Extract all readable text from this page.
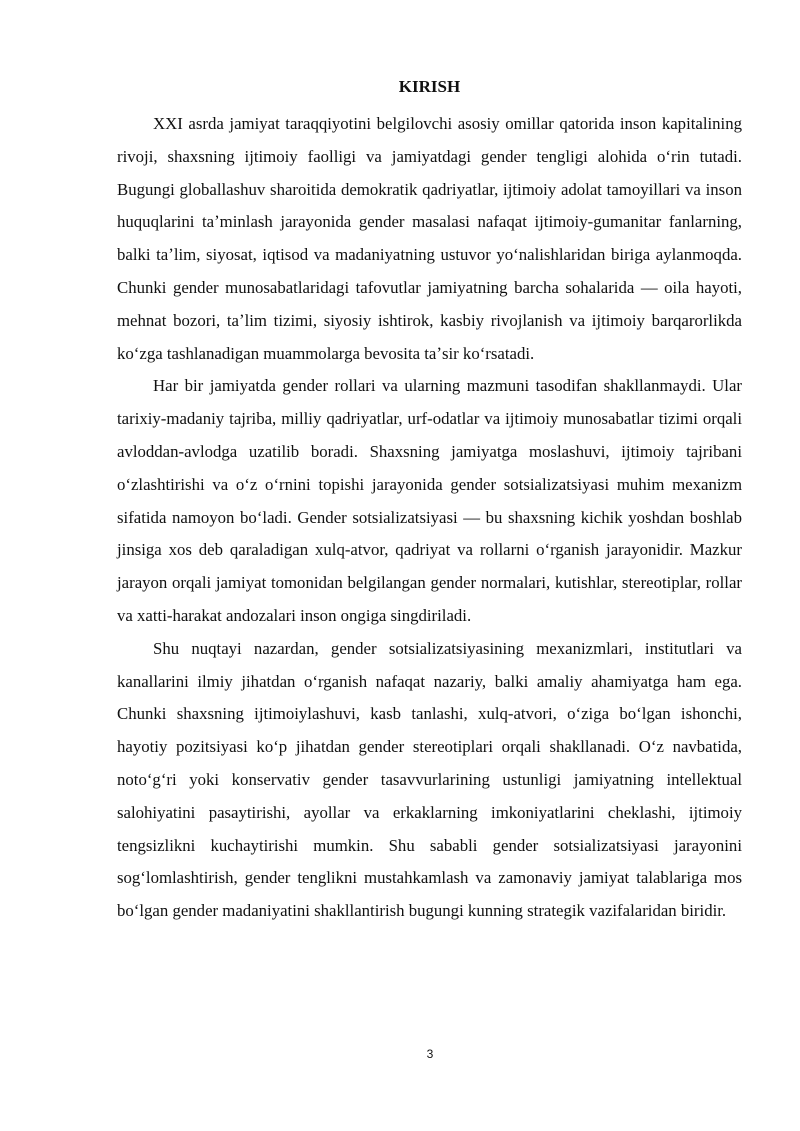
KIRISH

XXI asrda jamiyat taraqqiyotini belgilovchi asosiy omillar qatorida inson kapitalining rivoji, shaxsning ijtimoiy faolligi va jamiyatdagi gender tengligi alohida oʻrin tutadi. Bugungi globallashuv sharoitida demokratik qadriyatlar, ijtimoiy adolat tamoyillari va inson huquqlarini taʼminlash jarayonida gender masalasi nafaqat ijtimoiy-gumanitar fanlarning, balki taʼlim, siyosat, iqtisod va madaniyatning ustuvor yoʻnalishlaridan biriga aylanmoqda. Chunki gender munosabatlaridagi tafovutlar jamiyatning barcha sohalarida — oila hayoti, mehnat bozori, taʼlim tizimi, siyosiy ishtirok, kasbiy rivojlanish va ijtimoiy barqarorlikda koʻzga tashlanadigan muammolarga bevosita taʼsir koʻrsatadi.

Har bir jamiyatda gender rollari va ularning mazmuni tasodifan shakllanmaydi. Ular tarixiy-madaniy tajriba, milliy qadriyatlar, urf-odatlar va ijtimoiy munosabatlar tizimi orqali avloddan-avlodga uzatilib boradi. Shaxsning jamiyatga moslashuvi, ijtimoiy tajribani oʻzlashtirishi va oʻz oʻrnini topishi jarayonida gender sotsializatsiyasi muhim mexanizm sifatida namoyon boʻladi. Gender sotsializatsiyasi — bu shaxsning kichik yoshdan boshlab jinsiga xos deb qaraladigan xulq-atvor, qadriyat va rollarni oʻrganish jarayonidir. Mazkur jarayon orqali jamiyat tomonidan belgilangan gender normalari, kutishlar, stereotiplar, rollar va xatti-harakat andozalari inson ongiga singdiriladi.

Shu nuqtayi nazardan, gender sotsializatsiyasining mexanizmlari, institutlari va kanallarini ilmiy jihatdan oʻrganish nafaqat nazariy, balki amaliy ahamiyatga ham ega. Chunki shaxsning ijtimoiylashuvi, kasb tanlashi, xulq-atvori, oʻziga boʻlgan ishonchi, hayotiy pozitsiyasi koʻp jihatdan gender stereotiplari orqali shakllanadi. Oʻz navbatida, notoʻgʻri yoki konservativ gender tasavvurlarining ustunligi jamiyatning intellektual salohiyatini pasaytirishi, ayollar va erkaklarning imkoniyatlarini cheklashi, ijtimoiy tengsizlikni kuchaytirishi mumkin. Shu sababli gender sotsializatsiyasi jarayonini sogʻlomlashtirish, gender tenglikni mustahkamlash va zamonaviy jamiyat talablariga mos boʻlgan gender madaniyatini shakllantirish bugungi kunning strategik vazifalaridan biridir.

3
